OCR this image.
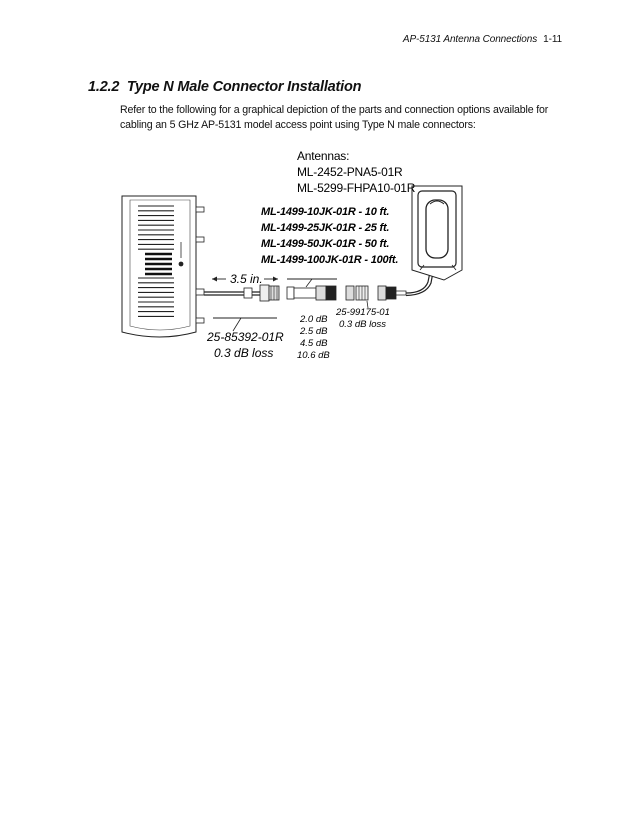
AP-5131 Antenna Connections 1-11
1.2.2 Type N Male Connector Installation

Refer to the following for a graphical depiction of the parts and connection options available for cabling an 5 GHz AP-5131 model access point using Type N male connectors:

Antennas:
ML-2452-PNA5-01R
ML-5299-FHPA10-01R
ML-1499-10JK-01R - 10 ft.
ML-1499-25JK-01R - 25 ft.
ML-1499-50JK-01R - 50 ft.
ML-1499-100JK-01R - 100ft.
3.5 in.
25-85392-01R
0.3 dB loss
2.0 dB
2.5 dB
4.5 dB
10.6 dB
25-99175-01
0.3 dB loss
